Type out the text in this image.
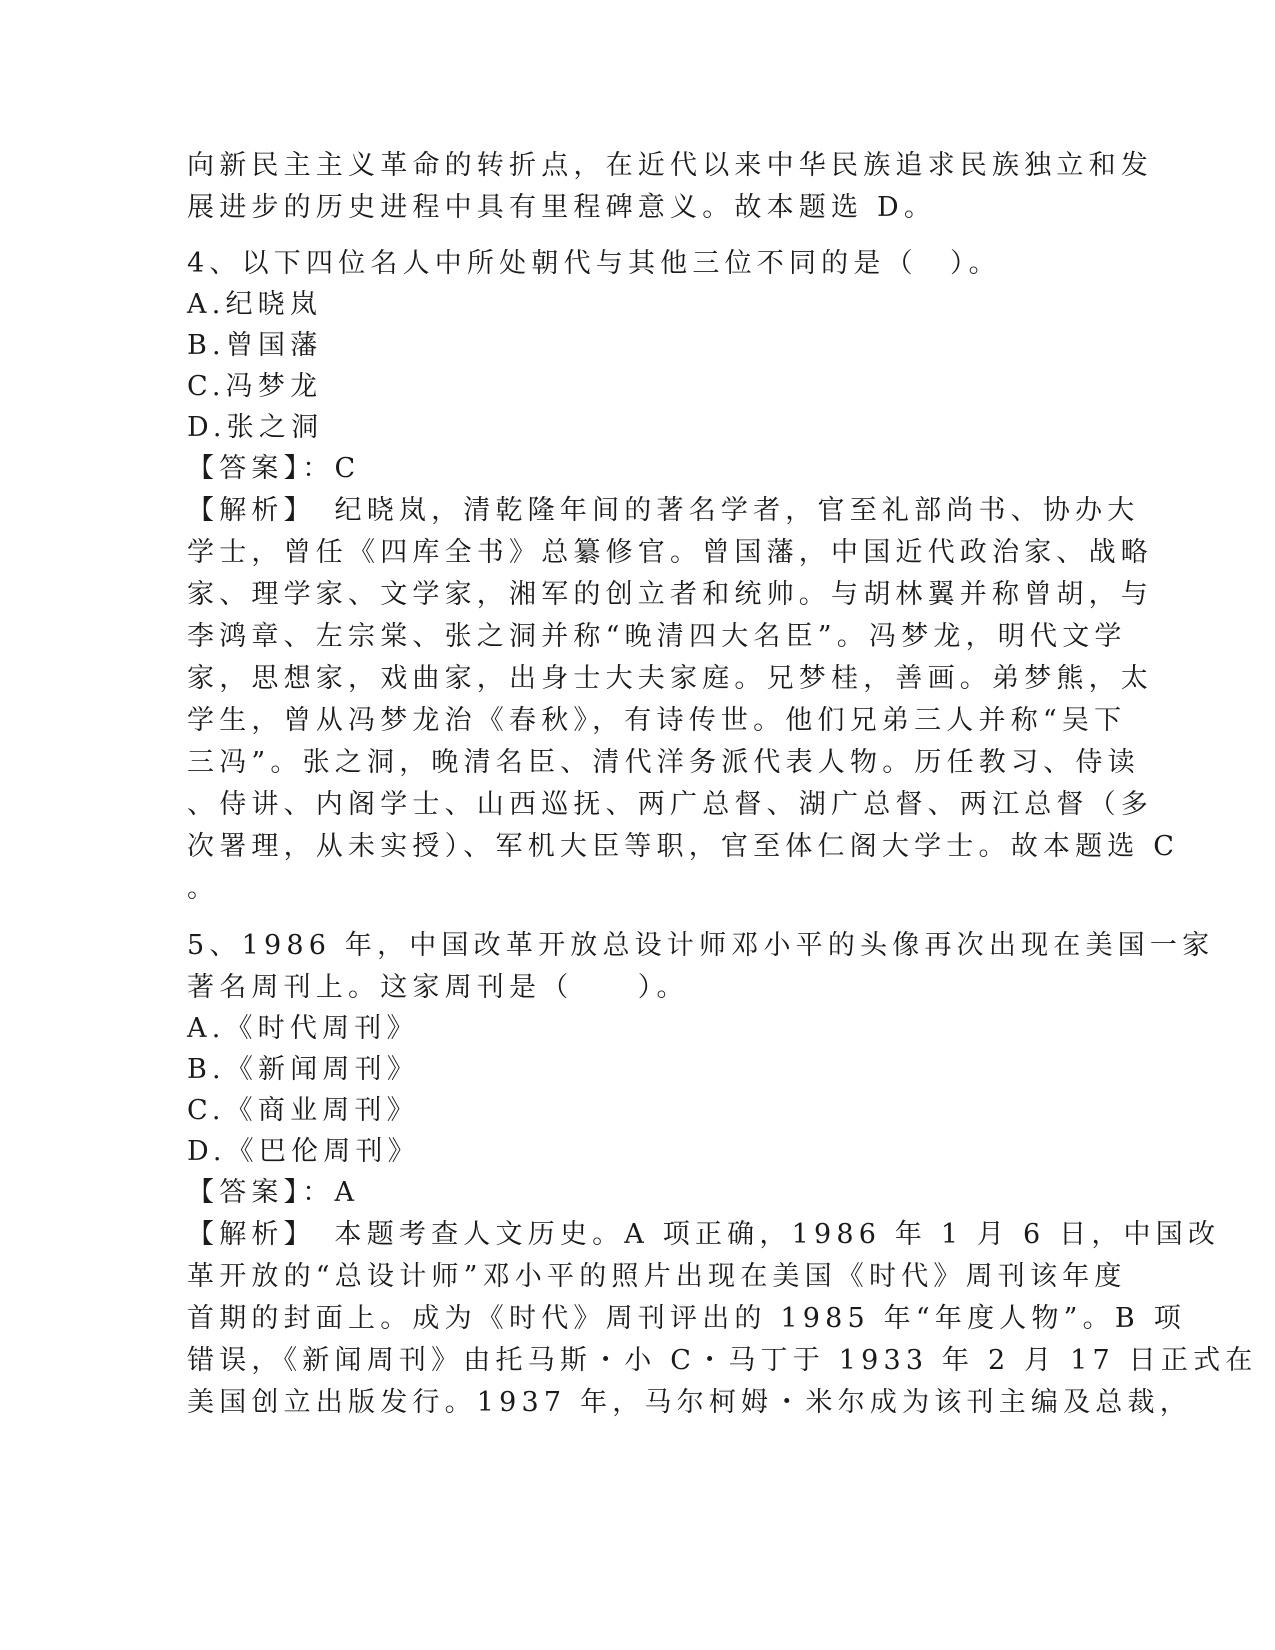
向新民主主义革命的转折点，在近代以来中华民族追求民族独立和发
展进步的历史进程中具有里程碑意义。故本题选 D。
4、以下四位名人中所处朝代与其他三位不同的是（　）。
A.纪晓岚
B.曾国藩
C.冯梦龙
D.张之洞
【答案】：C
【解析】　纪晓岚，清乾隆年间的著名学者，官至礼部尚书、协办大
学士，曾任《四库全书》总纂修官。曾国藩，中国近代政治家、战略
家、理学家、文学家，湘军的创立者和统帅。与胡林翼并称曾胡，与
李鸿章、左宗棠、张之洞并称“晚清四大名臣”。冯梦龙，明代文学
家，思想家，戏曲家，出身士大夫家庭。兄梦桂，善画。弟梦熊，太
学生，曾从冯梦龙治《春秋》，有诗传世。他们兄弟三人并称“吴下
三冯”。张之洞，晚清名臣、清代洋务派代表人物。历任教习、侍读
、侍讲、内阁学士、山西巡抚、两广总督、湖广总督、两江总督（多
次署理，从未实授）、军机大臣等职，官至体仁阁大学士。故本题选 C
。
5、1986 年，中国改革开放总设计师邓小平的头像再次出现在美国一家
著名周刊上。这家周刊是（　　）。
A.《时代周刊》
B.《新闻周刊》
C.《商业周刊》
D.《巴伦周刊》
【答案】：A
【解析】　本题考查人文历史。A 项正确，1986 年 1 月 6 日，中国改
革开放的“总设计师”邓小平的照片出现在美国《时代》周刊该年度
首期的封面上。成为《时代》周刊评出的 1985 年“年度人物”。B 项
错误，《新闻周刊》由托马斯・小 C・马丁于 1933 年 2 月 17 日正式在
美国创立出版发行。1937 年，马尔柯姆・米尔成为该刊主编及总裁，
